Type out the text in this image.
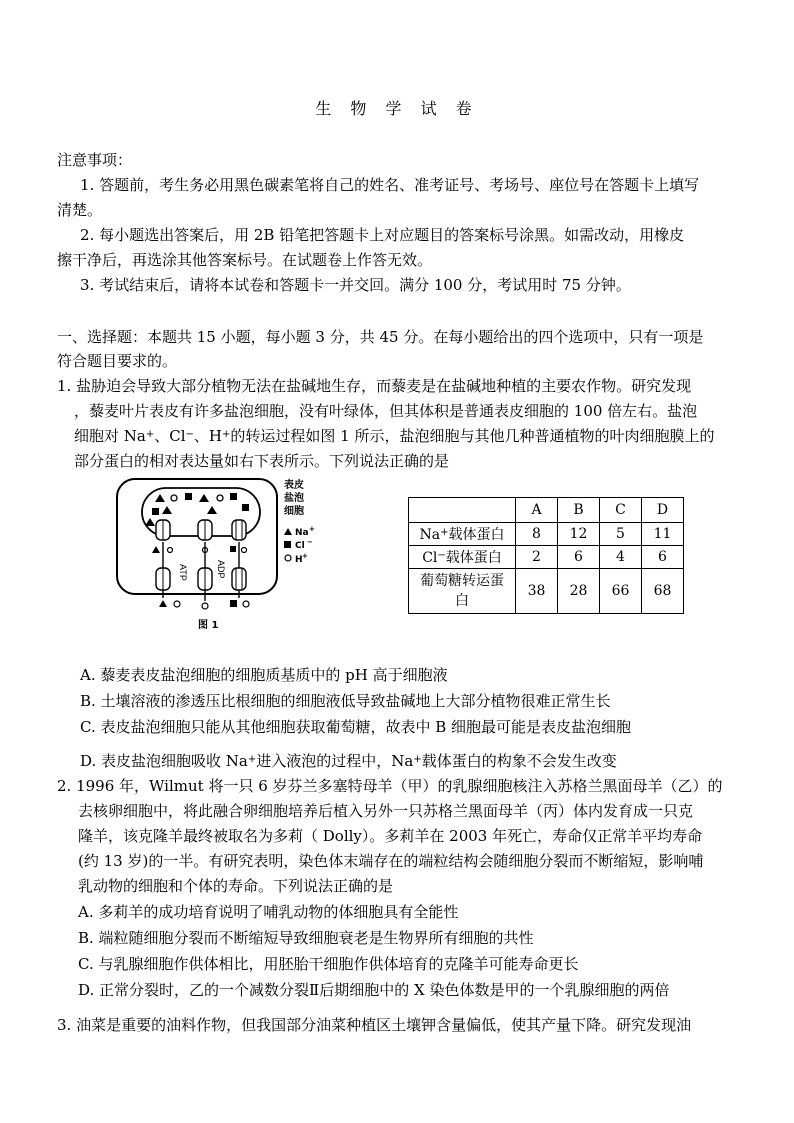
生 物 学 试 卷
注意事项：
1. 答题前，考生务必用黑色碳素笔将自己的姓名、准考证号、考场号、座位号在答题卡上填写
清楚。
2. 每小题选出答案后，用 2B 铅笔把答题卡上对应题目的答案标号涂黑。如需改动，用橡皮
擦干净后，再选涂其他答案标号。在试题卷上作答无效。
3. 考试结束后，请将本试卷和答题卡一并交回。满分 100 分，考试用时 75 分钟。
一、选择题：本题共 15 小题，每小题 3 分，共 45 分。在每小题给出的四个选项中，只有一项是
符合题目要求的。
1. 盐胁迫会导致大部分植物无法在盐碱地生存，而藜麦是在盐碱地种植的主要农作物。研究发现
，藜麦叶片表皮有许多盐泡细胞，没有叶绿体，但其体积是普通表皮细胞的 100 倍左右。盐泡
细胞对 Na+、Cl−、H+的转运过程如图 1 所示，盐泡细胞与其他几种普通植物的叶肉细胞膜上的
部分蛋白的相对表达量如右下表所示。下列说法正确的是
ATP	ADP
表皮
盐泡
细胞
Na +
Cl −
H +
图 1
	A	B	C	D
Na+载体蛋白	8	12	5	11
Cl−载体蛋白	2	6	4	6
葡萄糖转运蛋
白	38	28	66	68
A. 藜麦表皮盐泡细胞的细胞质基质中的 pH 高于细胞液
B. 土壤溶液的渗透压比根细胞的细胞液低导致盐碱地上大部分植物很难正常生长
C. 表皮盐泡细胞只能从其他细胞获取葡萄糖，故表中 B 细胞最可能是表皮盐泡细胞
D. 表皮盐泡细胞吸收 Na+进入液泡的过程中，Na+载体蛋白的构象不会发生改变
2. 1996 年，Wilmut 将一只 6 岁芬兰多塞特母羊（甲）的乳腺细胞核注入苏格兰黑面母羊（乙）的
去核卵细胞中，将此融合卵细胞培养后植入另外一只苏格兰黑面母羊（丙）体内发育成一只克
隆羊，该克隆羊最终被取名为多莉（ Dolly）。多莉羊在 2003 年死亡，寿命仅正常羊平均寿命
(约 13 岁)的一半。有研究表明，染色体末端存在的端粒结构会随细胞分裂而不断缩短，影响哺
乳动物的细胞和个体的寿命。下列说法正确的是
A. 多莉羊的成功培育说明了哺乳动物的体细胞具有全能性
B. 端粒随细胞分裂而不断缩短导致细胞衰老是生物界所有细胞的共性
C. 与乳腺细胞作供体相比，用胚胎干细胞作供体培育的克隆羊可能寿命更长
D. 正常分裂时，乙的一个减数分裂Ⅱ后期细胞中的 X 染色体数是甲的一个乳腺细胞的两倍
3. 油菜是重要的油料作物，但我国部分油菜种植区土壤钾含量偏低，使其产量下降。研究发现油
